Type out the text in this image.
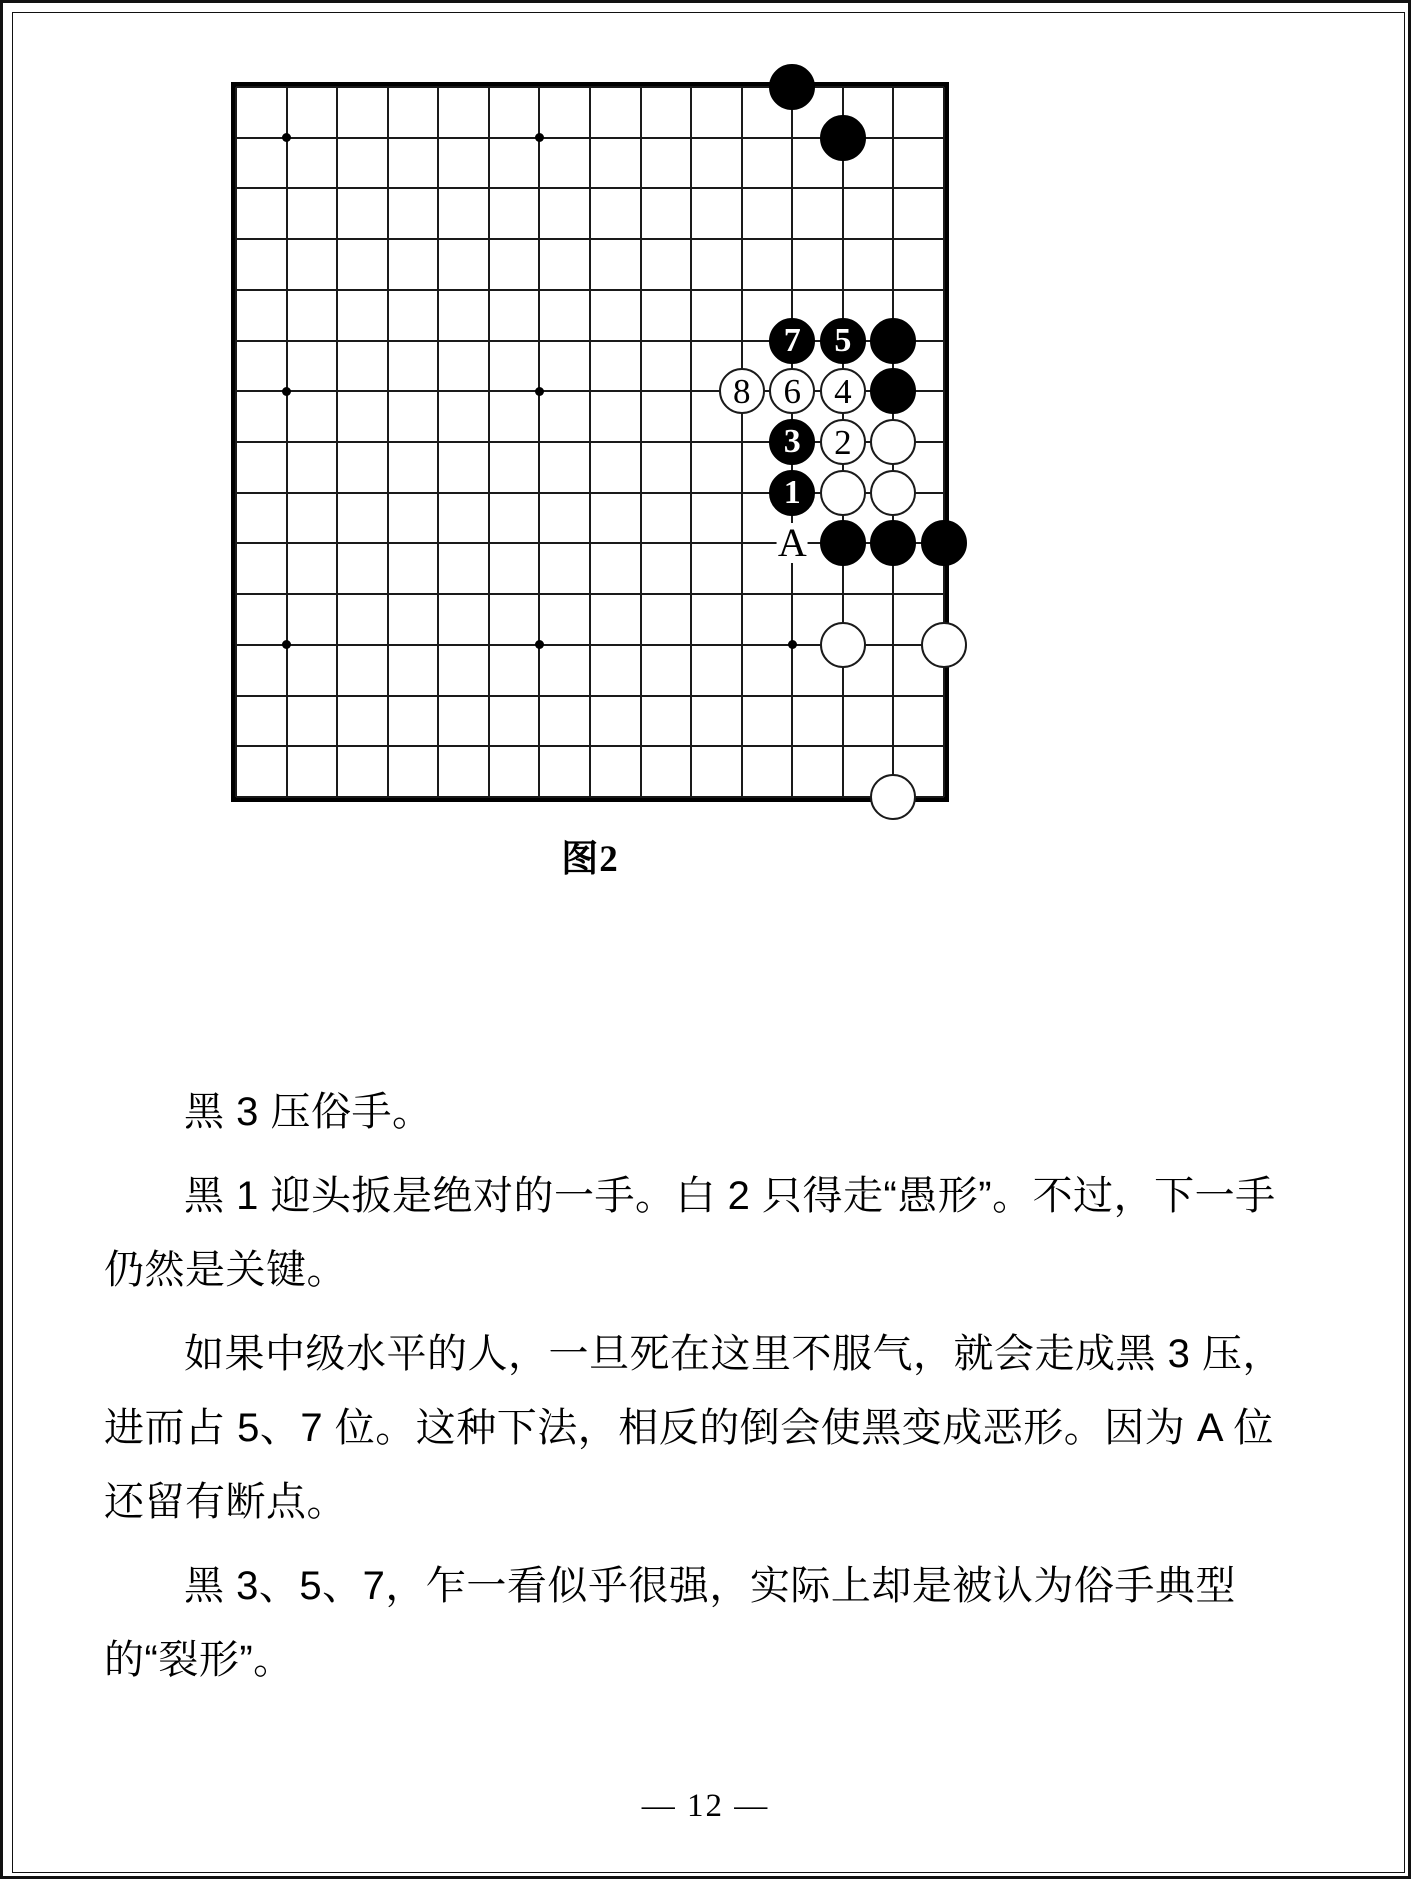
7 5
8 6 4
3 2
1
A
图2

黑 3 压俗手。

黑 1 迎头扳是绝对的一手。白 2 只得走“愚形”。不过，下一手仍然是关键。

如果中级水平的人，一旦死在这里不服气，就会走成黑 3 压，进而占 5、7 位。这种下法，相反的倒会使黑变成恶形。因为 A 位还留有断点。

黑 3、5、7，乍一看似乎很强，实际上却是被认为俗手典型的“裂形”。

— 12 —
